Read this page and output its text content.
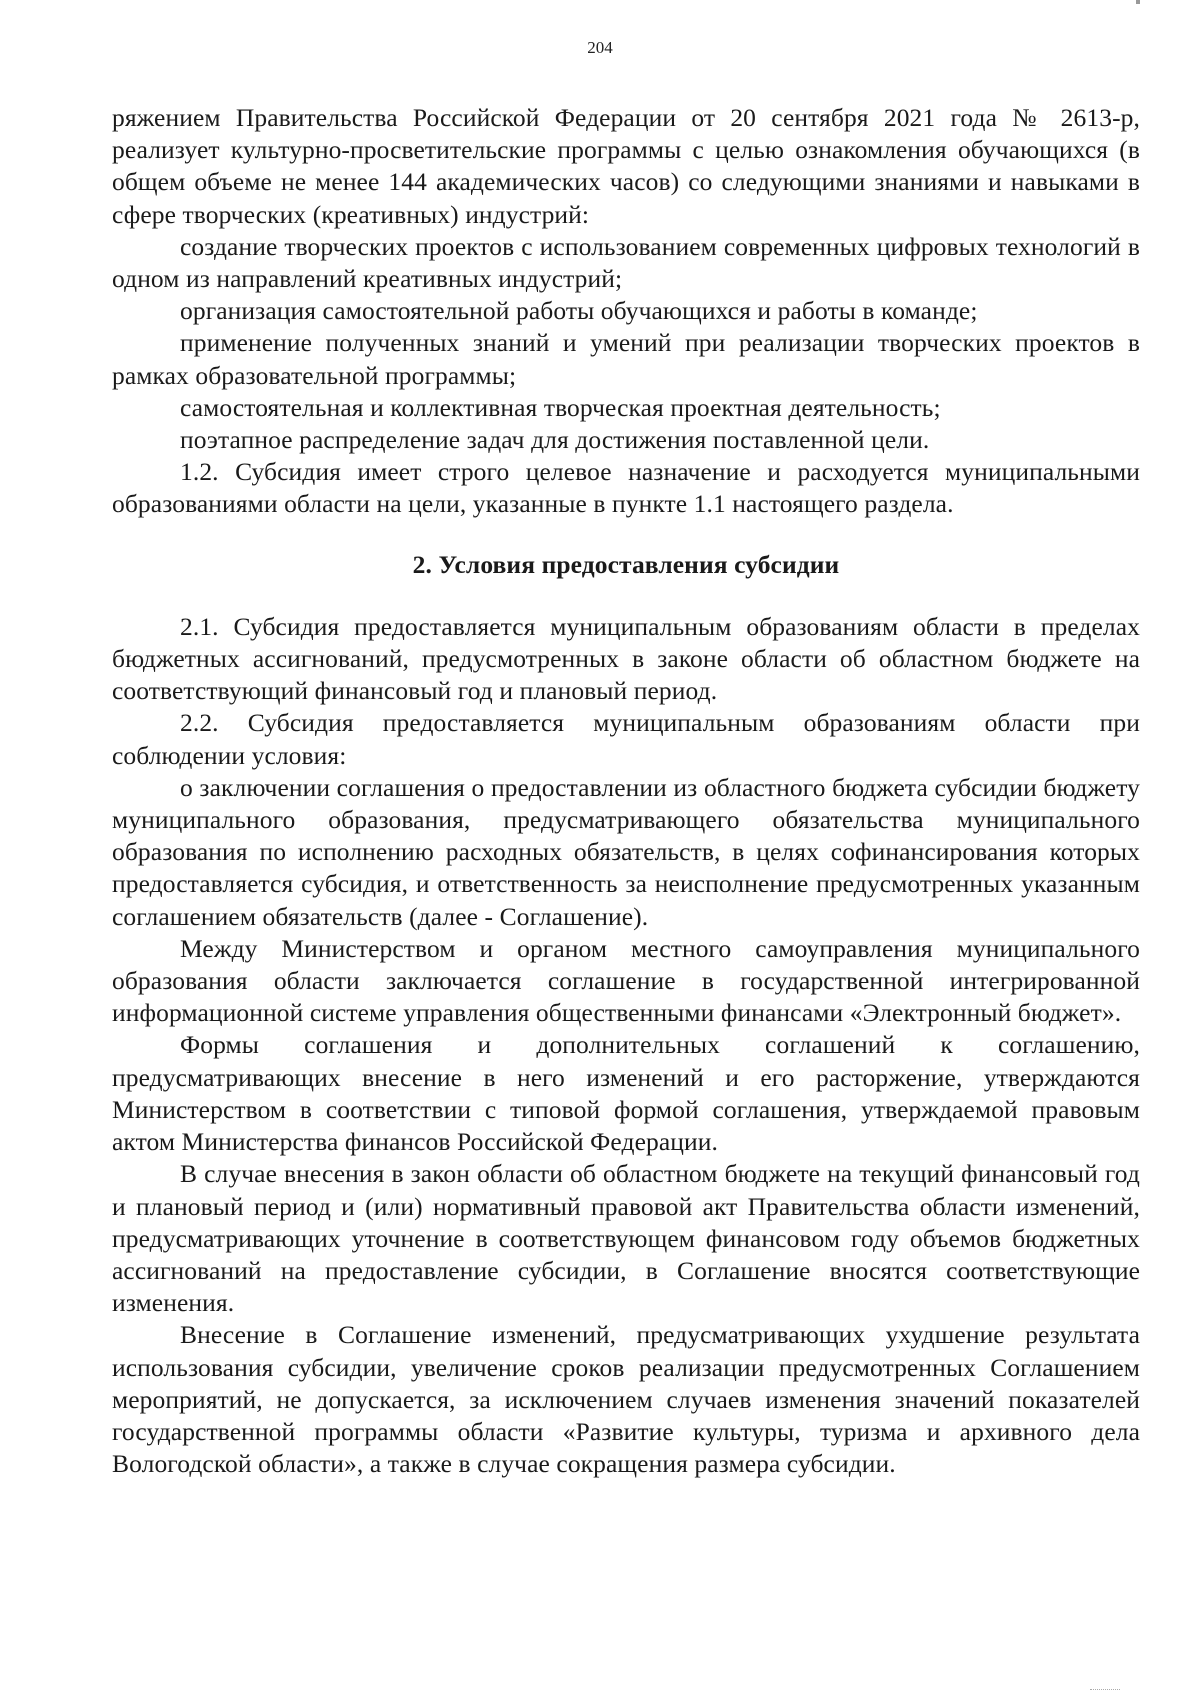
204

ряжением Правительства Российской Федерации от 20 сентября 2021 года № 2613-р, реализует культурно-просветительские программы с целью ознакомления обучающихся (в общем объеме не менее 144 академических часов) со следующими знаниями и навыками в сфере творческих (креативных) индустрий:

создание творческих проектов с использованием современных цифровых технологий в одном из направлений креативных индустрий;

организация самостоятельной работы обучающихся и работы в команде;

применение полученных знаний и умений при реализации творческих проектов в рамках образовательной программы;

самостоятельная и коллективная творческая проектная деятельность;

поэтапное распределение задач для достижения поставленной цели.

1.2. Субсидия имеет строго целевое назначение и расходуется муниципальными образованиями области на цели, указанные в пункте 1.1 настоящего раздела.

2. Условия предоставления субсидии

2.1. Субсидия предоставляется муниципальным образованиям области в пределах бюджетных ассигнований, предусмотренных в законе области об областном бюджете на соответствующий финансовый год и плановый период.

2.2. Субсидия предоставляется муниципальным образованиям области при соблюдении условия:

о заключении соглашения о предоставлении из областного бюджета субсидии бюджету муниципального образования, предусматривающего обязательства муниципального образования по исполнению расходных обязательств, в целях софинансирования которых предоставляется субсидия, и ответственность за неисполнение предусмотренных указанным соглашением обязательств (далее - Соглашение).

Между Министерством и органом местного самоуправления муниципального образования области заключается соглашение в государственной интегрированной информационной системе управления общественными финансами «Электронный бюджет».

Формы соглашения и дополнительных соглашений к соглашению, предусматривающих внесение в него изменений и его расторжение, утверждаются Министерством в соответствии с типовой формой соглашения, утверждаемой правовым актом Министерства финансов Российской Федерации.

В случае внесения в закон области об областном бюджете на текущий финансовый год и плановый период и (или) нормативный правовой акт Правительства области изменений, предусматривающих уточнение в соответствующем финансовом году объемов бюджетных ассигнований на предоставление субсидии, в Соглашение вносятся соответствующие изменения.

Внесение в Соглашение изменений, предусматривающих ухудшение результата использования субсидии, увеличение сроков реализации предусмотренных Соглашением мероприятий, не допускается, за исключением случаев изменения значений показателей государственной программы области «Развитие культуры, туризма и архивного дела Вологодской области», а также в случае сокращения размера субсидии.
